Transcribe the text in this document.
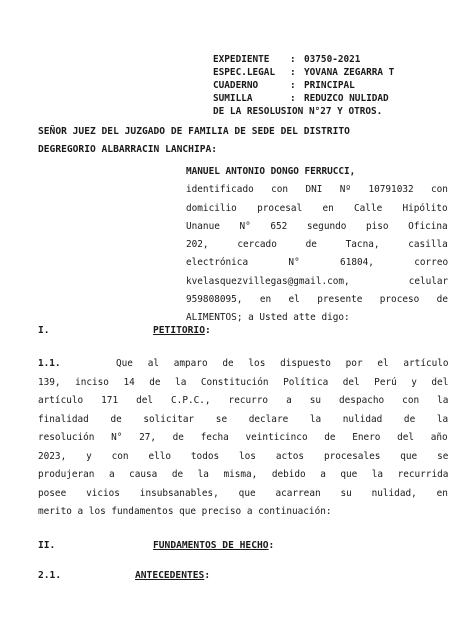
EXPEDIENTE : 03750-2021
ESPEC.LEGAL : YOVANA ZEGARRA T
CUADERNO	: PRINCIPAL
SUMILLA	: REDUZCO NULIDAD
DE LA RESOLUSION N°27 Y OTROS.
SEÑOR JUEZ DEL JUZGADO DE FAMILIA DE SEDE DEL DISTRITO
DEGREGORIO ALBARRACIN LANCHIPA:
MANUEL ANTONIO DONGO FERRUCCI,
identificado con DNI Nº 10791032 con
domicilio procesal en Calle Hipólito
Unanue N° 652 segundo piso Oficina
202,	cercado	de	Tacna,	casilla
electrónica	N°	61804,	correo
kvelasquezvillegas@gmail.com,	celular
959808095, en el presente proceso de
ALIMENTOS; a Usted atte digo:
I.	PETITORIO:
1.1.	Que al amparo de los dispuesto por el artículo
139, inciso 14 de la Constitución Política del Perú y del
artículo 171 del C.P.C., recurro a su despacho con la
finalidad de solicitar se declare la nulidad de la
resolución N° 27, de fecha veinticinco de Enero del año
2023, y con ello todos los actos procesales que se
produjeran a causa de la misma, debido a que la recurrida
posee vicios insubsanables, que acarrean su nulidad, en
merito a los fundamentos que preciso a continuación:
II.	FUNDAMENTOS DE HECHO:
2.1.	ANTECEDENTES:
